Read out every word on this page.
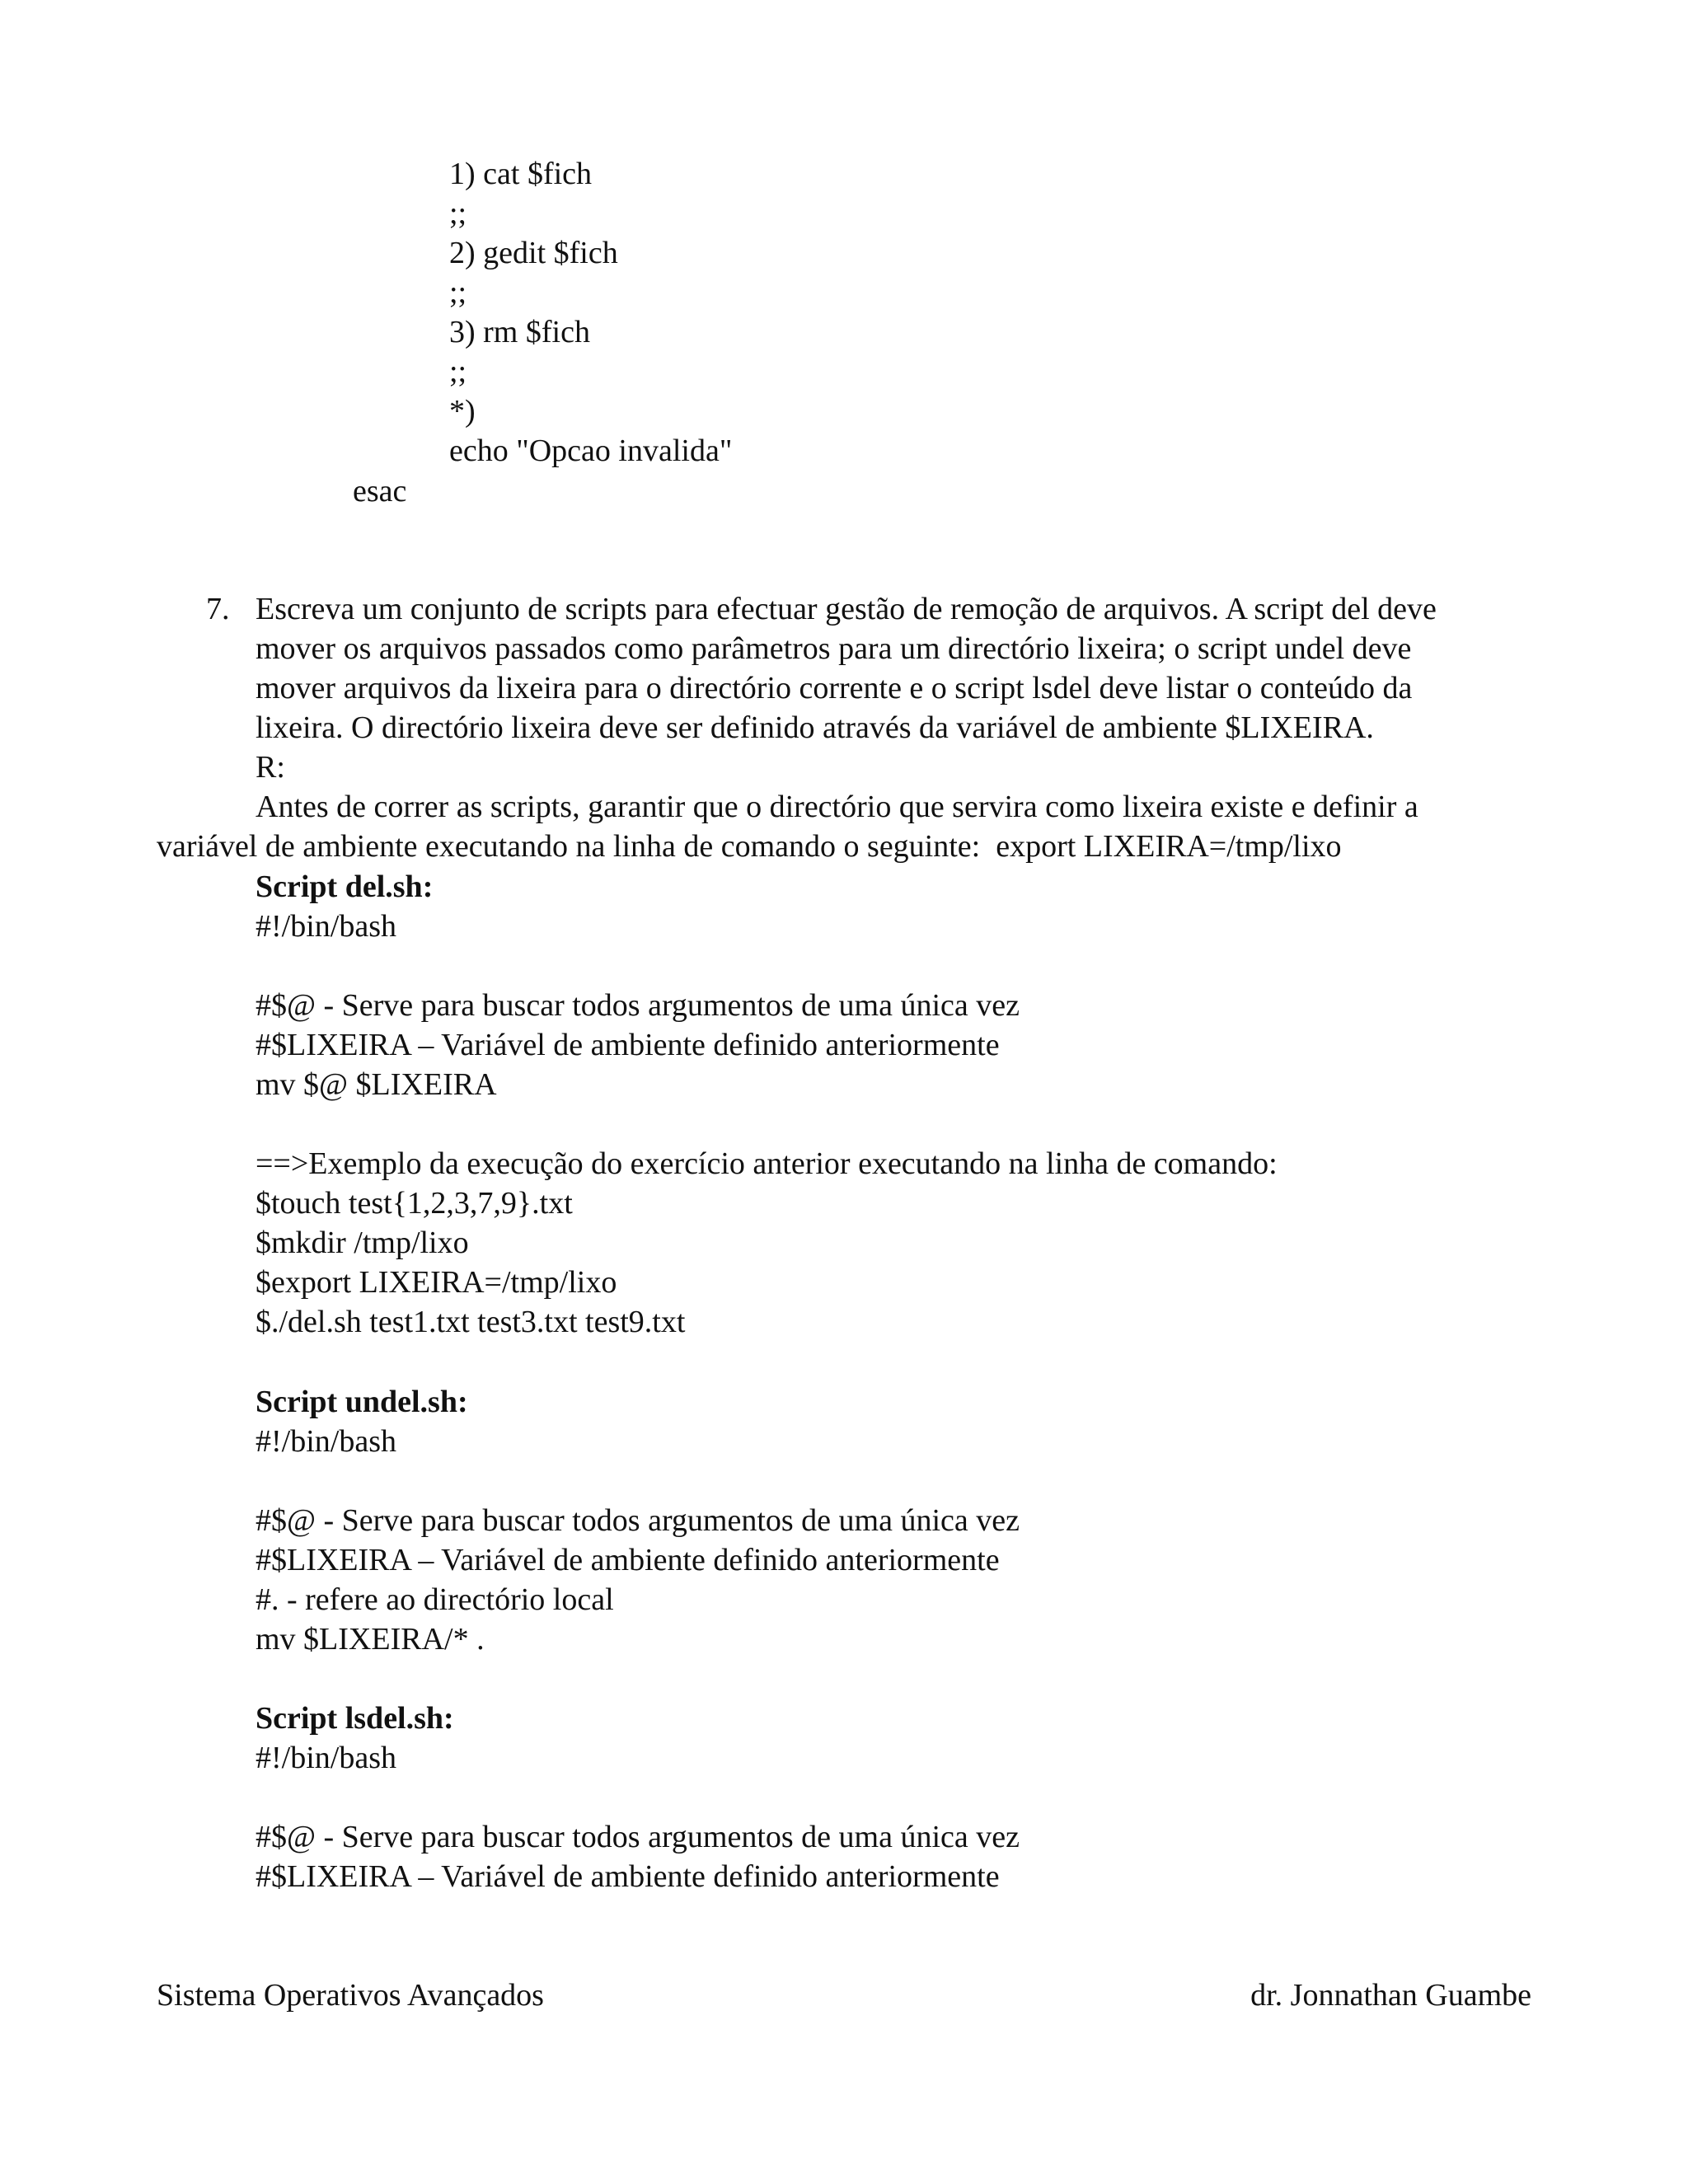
1) cat $fich
;;
2) gedit $fich
;;
3) rm $fich
;;
*)
echo "Opcao invalida"
esac
7. Escreva um conjunto de scripts para efectuar gestão de remoção de arquivos. A script del deve
mover os arquivos passados como parâmetros para um directório lixeira; o script undel deve
mover arquivos da lixeira para o directório corrente e o script lsdel deve listar o conteúdo da
lixeira. O directório lixeira deve ser definido através da variável de ambiente $LIXEIRA.
R:
Antes de correr as scripts, garantir que o directório que servira como lixeira existe e definir a
variável de ambiente executando na linha de comando o seguinte:  export LIXEIRA=/tmp/lixo
Script del.sh:
#!/bin/bash
#$@ - Serve para buscar todos argumentos de uma única vez
#$LIXEIRA – Variável de ambiente definido anteriormente
mv $@ $LIXEIRA
==>Exemplo da execução do exercício anterior executando na linha de comando:
$touch test{1,2,3,7,9}.txt
$mkdir /tmp/lixo
$export LIXEIRA=/tmp/lixo
$./del.sh test1.txt test3.txt test9.txt
Script undel.sh:
#!/bin/bash
#$@ - Serve para buscar todos argumentos de uma única vez
#$LIXEIRA – Variável de ambiente definido anteriormente
#. - refere ao directório local
mv $LIXEIRA/* .
Script lsdel.sh:
#!/bin/bash
#$@ - Serve para buscar todos argumentos de uma única vez
#$LIXEIRA – Variável de ambiente definido anteriormente
Sistema Operativos Avançados	dr. Jonnathan Guambe
